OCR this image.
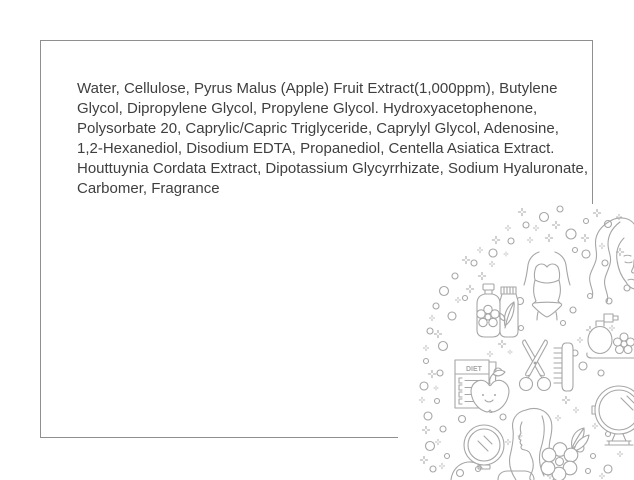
Water, Cellulose, Pyrus Malus (Apple) Fruit Extract(1,000ppm), Butylene
Glycol, Dipropylene Glycol, Propylene Glycol. Hydroxyacetophenone,
Polysorbate 20, Caprylic/Capric Triglyceride, Caprylyl Glycol, Adenosine,
1,2-Hexanediol, Disodium EDTA, Propanediol, Centella Asiatica Extract.
Houttuynia Cordata Extract, Dipotassium Glycyrrhizate, Sodium Hyaluronate,
Carbomer, Fragrance
DIET
